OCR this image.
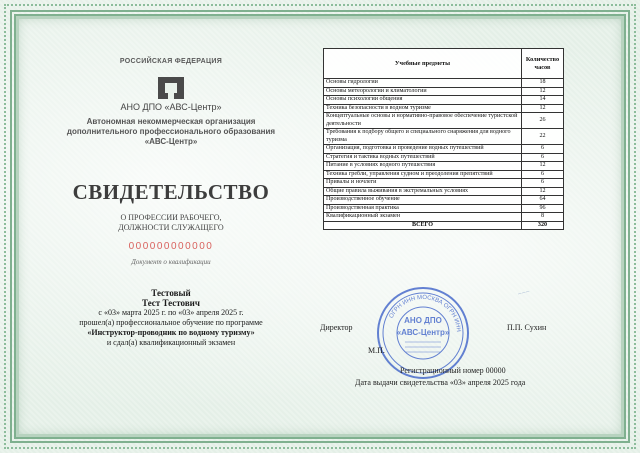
РОССИЙСКАЯ ФЕДЕРАЦИЯ
АНО ДПО «АВС-Центр»
Автономная некоммерческая организация
дополнительного профессионального образования
«АВС-Центр»
СВИДЕТЕЛЬСТВО
О ПРОФЕССИИ РАБОЧЕГО,
ДОЛЖНОСТИ СЛУЖАЩЕГО
000000000000
Документ о квалификации
Тестовый
Тест Тестович
с «03» марта 2025 г. по «03» апреля 2025 г.
прошел(а) профессиональное обучение по программе
«Инструктор-проводник по водному туризму»
и сдал(а) квалификационный экзамен
Учебные предметы	Количество часов
Основы гидрологии	18
Основы метеорологии и климатологии	12
Основы психологии общения	14
Техника безопасности в водном туризме	12
Концептуальные основы и нормативно-правовое обеспечение туристской деятельности	26
Требования к подбору общего и специального снаряжения для водного туризма	22
Организация, подготовка и проведение водных путешествий	6
Стратегия и тактика водных путешествий	6
Питание в условиях водного путешествия	12
Техника гребли, управления судном и преодоления препятствий	6
Привалы и ночлеги	6
Общие правила выживания в экстремальных условиях	12
Производственное обучение	64
Производственная практика	96
Квалификационный экзамен	8
ВСЕГО	320
~~~
ОГРН ИНН МОСКВА ОГРН ИНН
АНО ДПО
«АВС-Центр»
Директор	П.П. Сухин
М.П.
Регистрационный номер 00000
Дата выдачи свидетельства «03» апреля 2025 года
